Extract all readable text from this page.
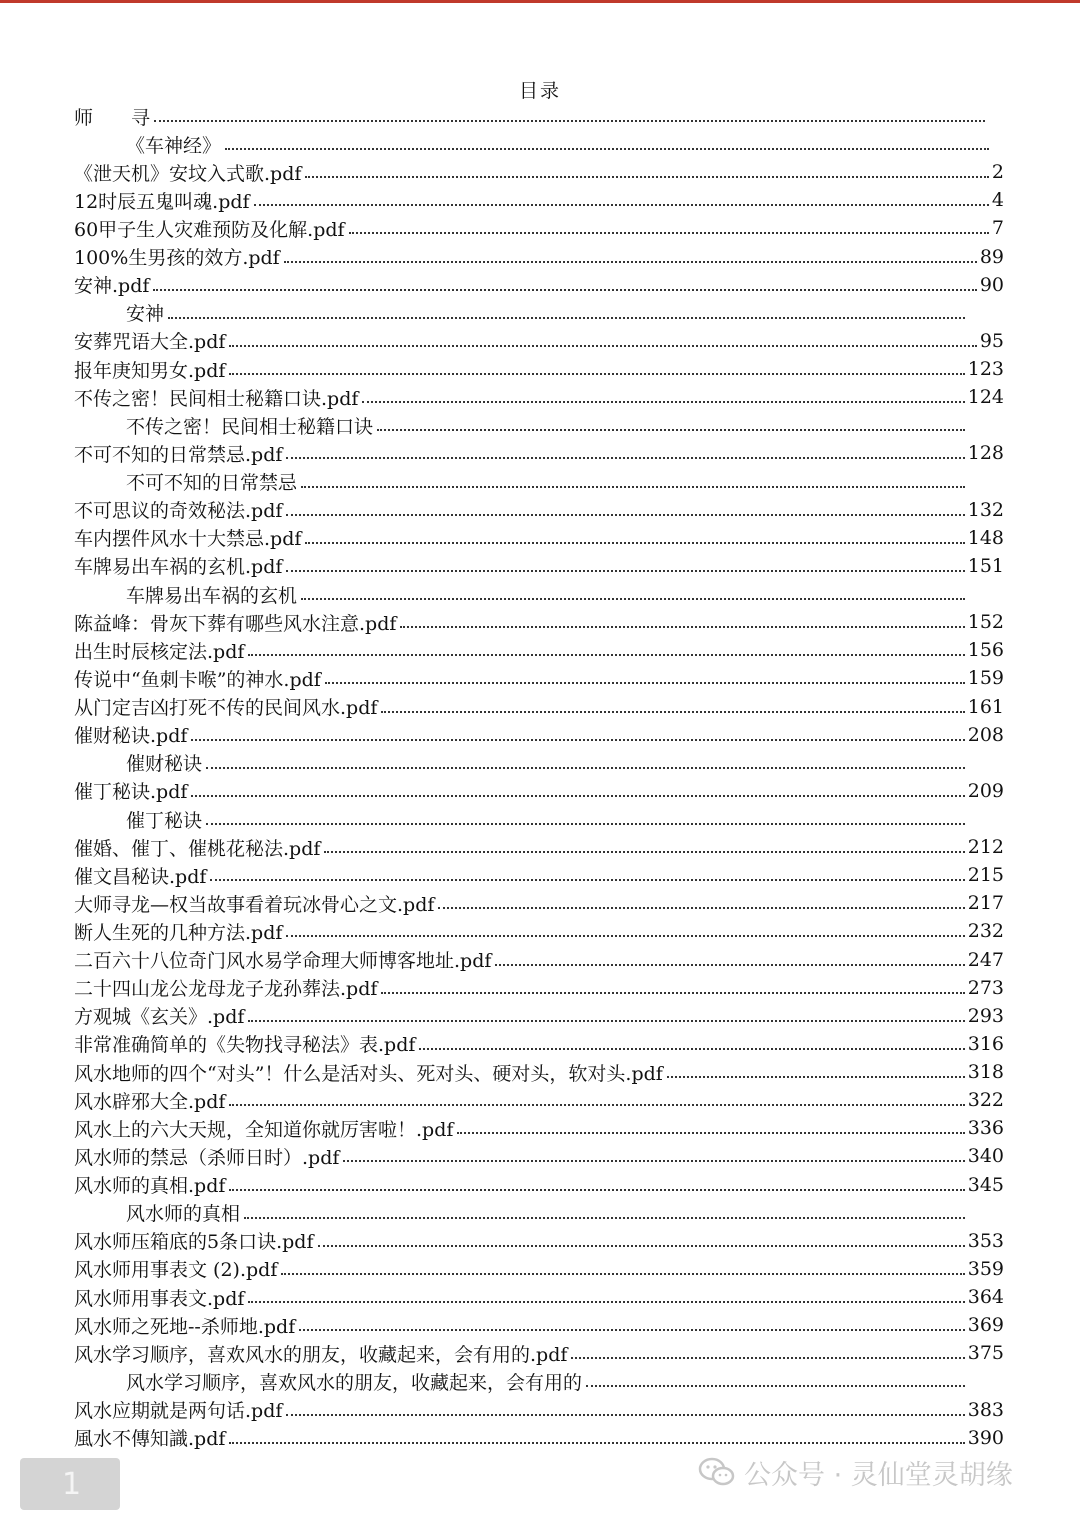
目录
师　　寻
《车神经》
《泄天机》安坟入式歌.pdf	2
12时辰五鬼叫魂.pdf	4
60甲子生人灾难预防及化解.pdf	7
100%生男孩的效方.pdf	89
安神.pdf	90
安神
安葬咒语大全.pdf	95
报年庚知男女.pdf	123
不传之密！民间相士秘籍口诀.pdf	124
不传之密！民间相士秘籍口诀
不可不知的日常禁忌.pdf	128
不可不知的日常禁忌
不可思议的奇效秘法.pdf	132
车内摆件风水十大禁忌.pdf	148
车牌易出车祸的玄机.pdf	151
车牌易出车祸的玄机
陈益峰：骨灰下葬有哪些风水注意.pdf	152
出生时辰核定法.pdf	156
传说中“鱼刺卡喉”的神水.pdf	159
从门定吉凶打死不传的民间风水.pdf	161
催财秘诀.pdf	208
催财秘诀
催丁秘诀.pdf	209
催丁秘诀
催婚、催丁、催桃花秘法.pdf	212
催文昌秘诀.pdf	215
大师寻龙—权当故事看着玩冰骨心之文.pdf	217
断人生死的几种方法.pdf	232
二百六十八位奇门风水易学命理大师博客地址.pdf	247
二十四山龙公龙母龙子龙孙葬法.pdf	273
方观城《玄关》.pdf	293
非常准确简单的《失物找寻秘法》表.pdf	316
风水地师的四个“对头”！什么是活对头、死对头、硬对头，软对头.pdf	318
风水辟邪大全.pdf	322
风水上的六大天规，全知道你就厉害啦！.pdf	336
风水师的禁忌（杀师日时）.pdf	340
风水师的真相.pdf	345
风水师的真相
风水师压箱底的5条口诀.pdf	353
风水师用事表文 (2).pdf	359
风水师用事表文.pdf	364
风水师之死地--杀师地.pdf	369
风水学习顺序，喜欢风水的朋友，收藏起来，会有用的.pdf	375
风水学习顺序，喜欢风水的朋友，收藏起来，会有用的
风水应期就是两句话.pdf	383
風水不傳知識.pdf	390
1	公众号 · 灵仙堂灵胡缘
